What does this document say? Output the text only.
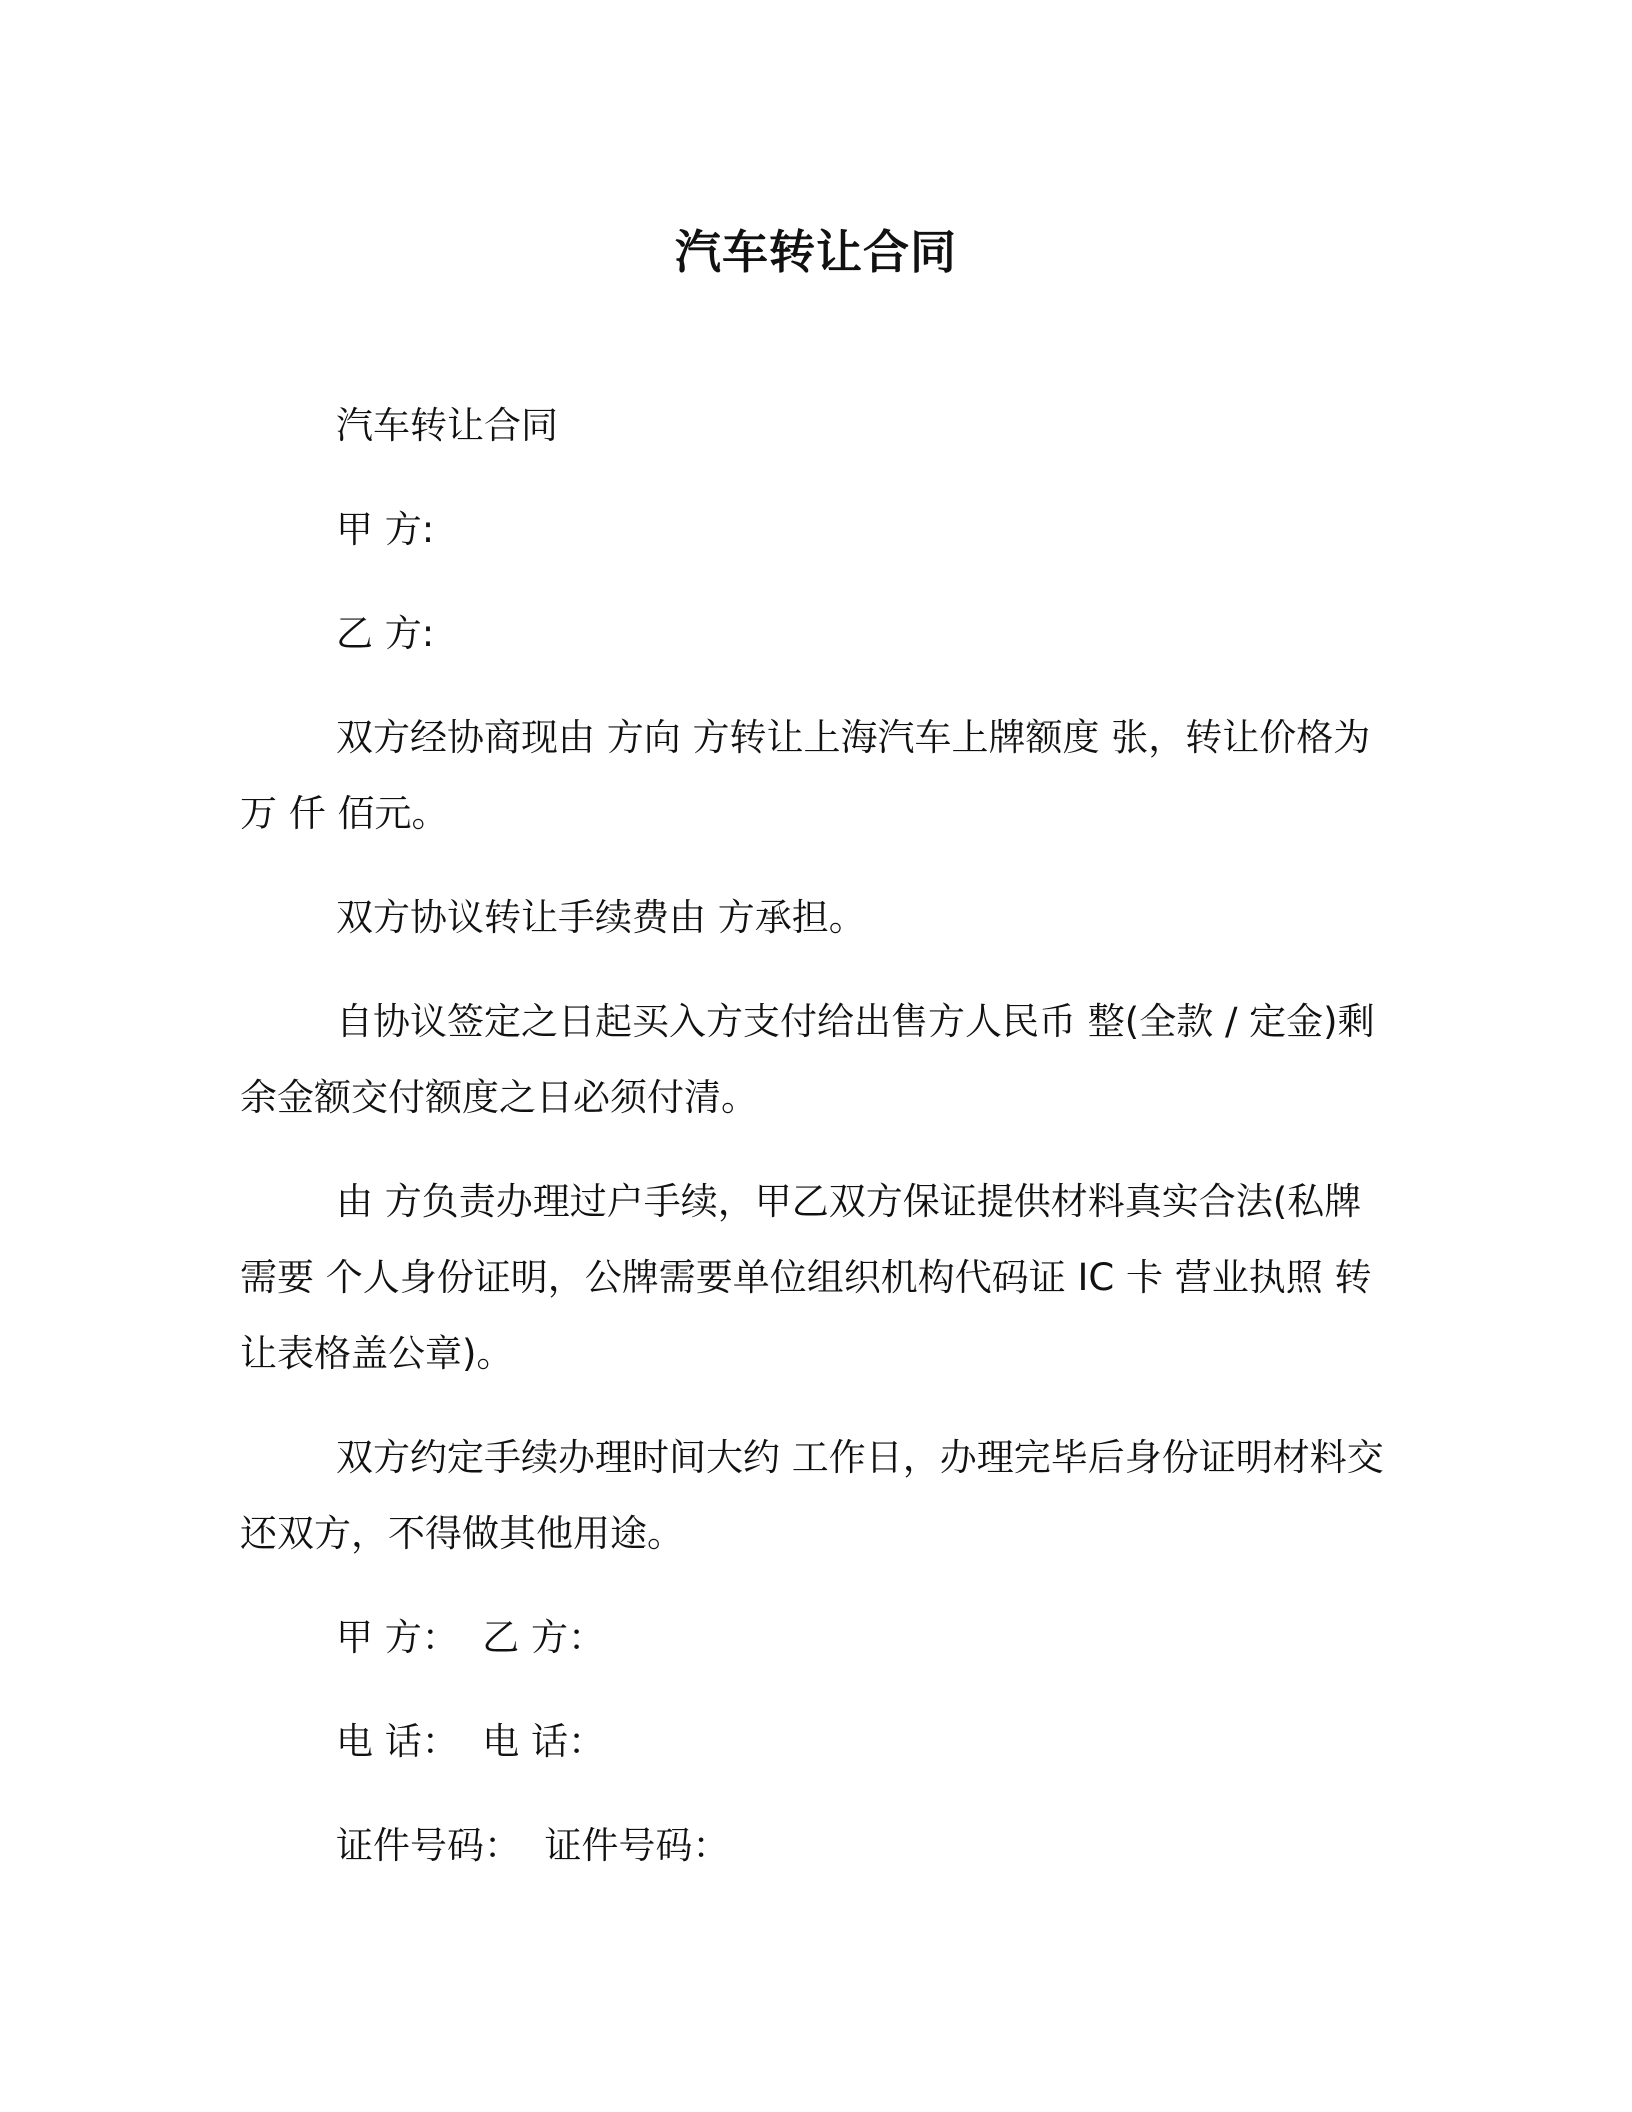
汽车转让合同

汽车转让合同

甲 方:

乙 方:

双方经协商现由 方向 方转让上海汽车上牌额度 张，转让价格为万 仟 佰元。

双方协议转让手续费由 方承担。

自协议签定之日起买入方支付给出售方人民币 整(全款 / 定金)剩余金额交付额度之日必须付清。

由 方负责办理过户手续，甲乙双方保证提供材料真实合法(私牌需要 个人身份证明，公牌需要单位组织机构代码证 IC 卡 营业执照 转让表格盖公章)。

双方约定手续办理时间大约 工作日，办理完毕后身份证明材料交还双方，不得做其他用途。

甲 方：  乙 方：

电 话：  电 话：

证件号码：  证件号码：
